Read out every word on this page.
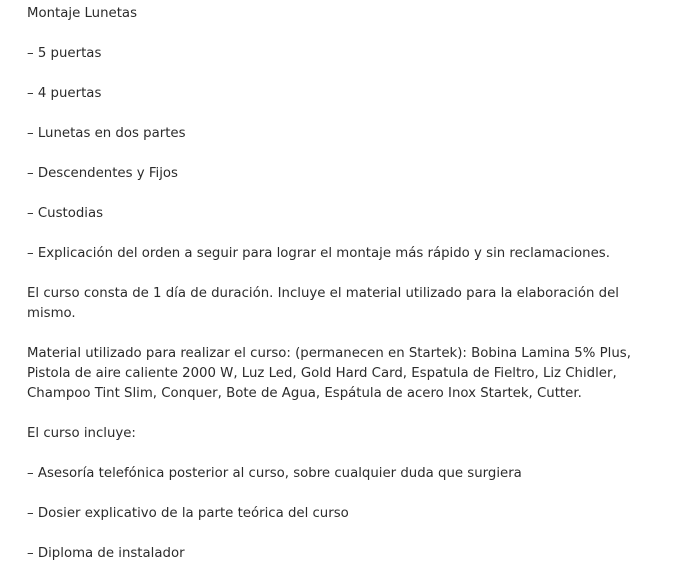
Montaje Lunetas

– 5 puertas

– 4 puertas

– Lunetas en dos partes

– Descendentes y Fijos

– Custodias

– Explicación del orden a seguir para lograr el montaje más rápido y sin reclamaciones.

El curso consta de 1 día de duración. Incluye el material utilizado para la elaboración del mismo.

Material utilizado para realizar el curso: (permanecen en Startek): Bobina Lamina 5% Plus, Pistola de aire caliente 2000 W, Luz Led, Gold Hard Card, Espatula de Fieltro, Liz Chidler, Champoo Tint Slim, Conquer, Bote de Agua, Espátula de acero Inox Startek, Cutter.

El curso incluye:

– Asesoría telefónica posterior al curso, sobre cualquier duda que surgiera

– Dosier explicativo de la parte teórica del curso

– Diploma de instalador
